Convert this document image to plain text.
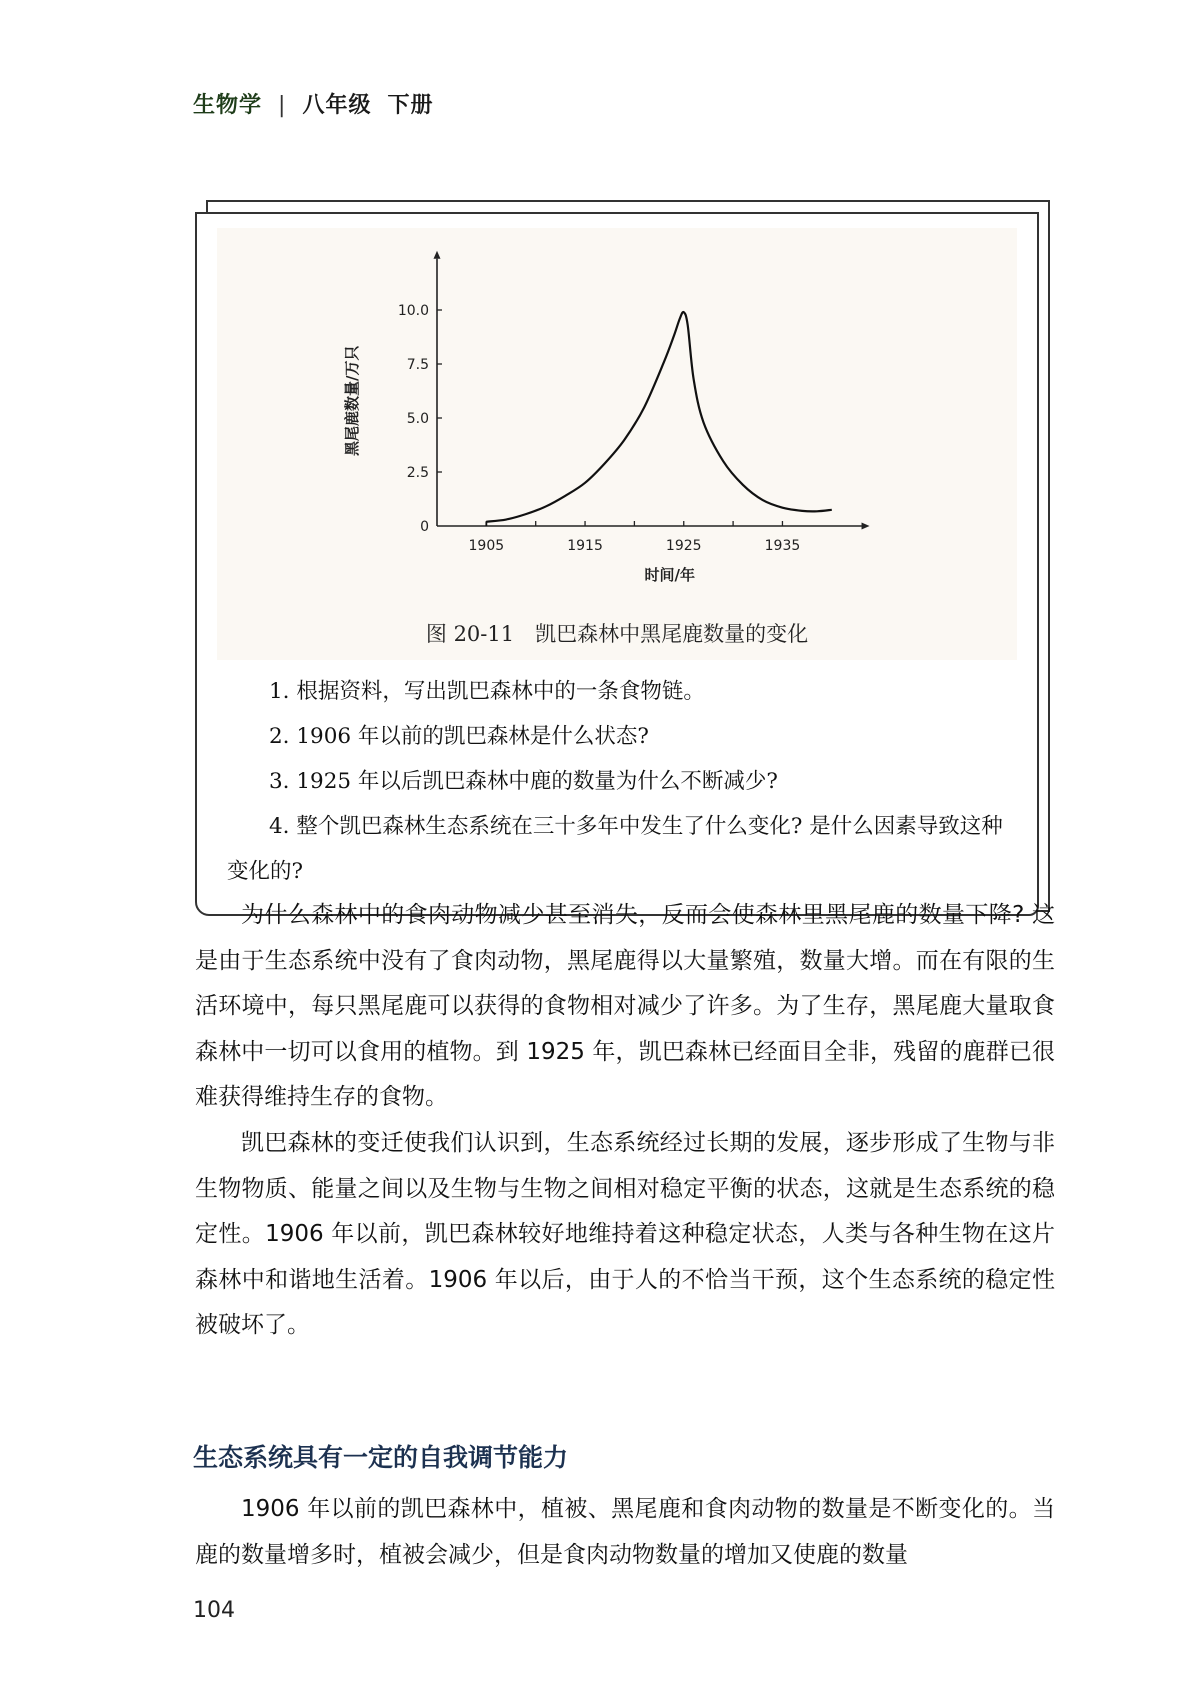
生物学 | 八年级 下册
1905	1915	1925	1935
0
2.5
5.0
7.5
10.0
时间/年
黑尾鹿数量/万只
图 20-11　凯巴森林中黑尾鹿数量的变化

1. 根据资料，写出凯巴森林中的一条食物链。

2. 1906 年以前的凯巴森林是什么状态?

3. 1925 年以后凯巴森林中鹿的数量为什么不断减少?

4. 整个凯巴森林生态系统在三十多年中发生了什么变化? 是什么因素导致这种变化的?

为什么森林中的食肉动物减少甚至消失，反而会使森林里黑尾鹿的数量下降? 这是由于生态系统中没有了食肉动物，黑尾鹿得以大量繁殖，数量大增。而在有限的生活环境中，每只黑尾鹿可以获得的食物相对减少了许多。为了生存，黑尾鹿大量取食森林中一切可以食用的植物。到 1925 年，凯巴森林已经面目全非，残留的鹿群已很难获得维持生存的食物。

凯巴森林的变迁使我们认识到，生态系统经过长期的发展，逐步形成了生物与非生物物质、能量之间以及生物与生物之间相对稳定平衡的状态，这就是生态系统的稳定性。1906 年以前，凯巴森林较好地维持着这种稳定状态，人类与各种生物在这片森林中和谐地生活着。1906 年以后，由于人的不恰当干预，这个生态系统的稳定性被破坏了。

生态系统具有一定的自我调节能力

1906 年以前的凯巴森林中，植被、黑尾鹿和食肉动物的数量是不断变化的。当鹿的数量增多时，植被会减少，但是食肉动物数量的增加又使鹿的数量

104
